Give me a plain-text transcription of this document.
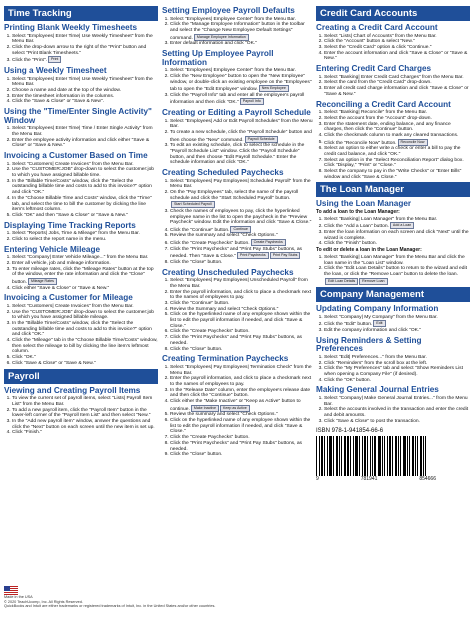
Time Tracking
Printing Blank Weekly Timesheets
1. Select "Employees| Enter Time| Use Weekly Timesheet" from the Menu Bar.
2. Click the drop-down arrow to the right of the "Print" button and select "Print Blank Timesheets."
3. Click the "Print". Print
Using a Weekly Timesheet
1. Select "Employees| Enter Time| Use Weekly Timesheet" from the Menu Bar.
2. Choose a name and date at the top of the window.
3. Enter the timesheet information in the columns.
4. Click the "Save & Close" or "Save & New".
Using the "Time/Enter Single Activity" Window
1. Select "Employees| Enter Time| Time / Enter Single Activity" from the Menu Bar.
2. Enter the employee activity information and click either "Save & Close" or "Save & New."
Invoicing a Customer Based on Time
1. Select "Customers| Create Invoices" from the Menu Bar.
2. Use the "CUSTOMER:JOB" drop-down to select the customer:job to which you have assigned billable time.
3. In the "Billable Time/Costs" window, click the "Select the outstanding billable time and costs to add to this invoice?" option and click "OK."
4. In the "Choose Billable Time and Costs" window, click the "Time" tab, and select the time to bill the customer by clicking the line item's leftmost column.
5. Click "OK" and then "Save & Close" or "Save & New."
Displaying Time Tracking Reports
1. Select "Reports| Jobs, Time & Mileage" from the Menu Bar.
2. Click to select the report name in the menu.
Entering Vehicle Mileage
1. Select "Company| Enter Vehicle Mileage..." from the Menu Bar.
2. Enter all vehicle, job and mileage information.
3. To enter mileage rates, click the "Mileage Rates" button at the top of the window, enter the rate information and click the "Close" button. Mileage Rates
4. Click either "Save & Close" or "Save & New."
Invoicing a Customer for Mileage
1. Select "Customers| Create Invoices" from the Menu Bar.
2. Use the "CUSTOMER:JOB" drop-down to select the customer:job to which you have assigned billable mileage.
3. In the "Billable Time/Costs" window, click the "Select the outstanding billable time and costs to add to this invoice?" option and click "OK."
4. Click the "Mileage" tab in the "Choose Billable Time/Costs" window, then select the mileage to bill by clicking the line item's leftmost column.
5. Click "OK."
6. Click "Save & Close" or "Save & New."
Payroll
Viewing and Creating Payroll Items
1. To view the current set of payroll items, select "Lists| Payroll Item List" from the Menu Bar.
2. To add a new payroll item, click the "Payroll Item" button in the lower-left corner of the "Payroll Item List" and then select "New."
3. In the "Add new payroll item" window, answer the questions and click the "Next" button on each screen until the new item is set up.
4. Click "Finish."
Setting Employee Payroll Defaults
1. Select "Employees| Employee Center" from the Menu Bar.
2. Click the "Manage Employee Information" button in the toolbar and select the "Change New Employee Default Settings" command. Manage Employee Information
3. Enter default information and click "OK."
Setting Up Employee Payroll Information
1. Select "Employees| Employee Center" from the Menu Bar.
2. Click the "New Employee" button to open the "New Employee" window, or double-click an existing employee on the "Employees" tab to open the "Edit Employee" window. New Employee
3. Click the "Payroll Info" tab and enter all the employee's payroll information and then click "OK." Payroll Info
Creating or Editing a Payroll Schedule
1. Select "Employees| Add or Edit Payroll Schedules" from the Menu Bar.
2. To create a new schedule, click the "Payroll Schedule" button and then choose the "New" command. Payroll Schedule
3. To edit an existing schedule, click to select the schedule in the "Payroll Schedule List" window. Click the "Payroll Schedule" button, and then choose "Edit Payroll Schedule." Enter the schedule information and click "OK."
Creating Scheduled Paychecks
1. Select "Employees| Pay Employees| Scheduled Payroll" from the Menu Bar.
2. On the "Pay Employees" tab, select the name of the payroll schedule and click the "Start Scheduled Payroll" button.Start Scheduled Payroll
3. Check the names of employees to pay, click the hyperlinked employee name in the list to open the paycheck in the "Preview Paycheck" window. Edit the information and click "Save & Close."
4. Click the "Continue" button. Continue
5. Review the summary and select "Check Options."
6. Click the "Create Paychecks" button. Create Paychecks
7. Click the "Print Paychecks" and "Print Pay Stubs" buttons, as needed. Then "Save & Close." Print Paychecks Print Pay Stubs
8. Click the "Close" button.
Creating Unscheduled Paychecks
1. Select "Employees| Pay Employees| Unscheduled Payroll" from the Menu Bar.
2. Enter the payroll information, and click to place a checkmark next to the names of employees to pay.
3. Click the "Continue" button.
4. Review the Summary and select "Check Options."
5. Click on the hyperlinked name of any employee shown within the list to edit the payroll information if needed, and click "Save & Close."
6. Click the "Create Paychecks" button.
7. Click the "Print Paychecks" and "Print Pay Stubs" buttons, as needed.
8. Click the "Close" button.
Creating Termination Paychecks
1. Select "Employees| Pay Employees| Termination Check" from the Menu Bar.
2. Enter the payroll information, and click to place a checkmark next to the names of employees to pay.
3. In the "Release Date" column, enter the employee's release date and then click the "Continue" button.
4. Click either the "Make Inactive" or "Keep as Active" button to continue. Make Inactive Keep as Active
5. Review the summary and select "Check Options."
6. Click on the hyperlinked name of any employee shown within the list to edit the payroll information if needed, and click "Save & Close."
7. Click the "Create Paychecks" button.
8. Click the "Print Paychecks" and "Print Pay Stubs" buttons, as needed.
9. Click the "Close" button.
Credit Card Accounts
Creating a Credit Card Account
1. Select "Lists| Chart of Accounts" from the Menu Bar.
2. Click the "Account" button & select "New."
3. Select the "Credit Card" option & click "Continue."
4. Enter the account information and click "Save & Close" or "Save & New."
Entering Credit Card Charges
1. Select "Banking| Enter Credit Card Charges" from the Menu Bar.
2. Select the card from the "Credit Card" drop-down.
3. Enter all credit card charge information and click "Save & Close" or "Save & New."
Reconciling a Credit Card Account
1. Select "Banking| Reconcile" from the Menu Bar.
2. Select the account from the "Account" drop-down.
3. Enter the statement date, ending balance, and any finance charges, then click the "Continue" button.
4. Click the checkmark column to mark any cleared transactions.
5. Click the "Reconcile Now" button. Reconcile Now
6. Select an option to either write a check or enter a bill to pay the credit card balance, and click "OK."
7. Select an option in the "Select Reconciliation Report" dialog box. Click "Display," "Print" or "Close."
8. Select the company to pay in the "Write Checks" or "Enter Bills" window and click "Save & Close."
The Loan Manager
Using the Loan Manager

To add a loan to the Loan Manager:

1. Select "Banking| Loan Manager" from the Menu Bar.
2. Click the "Add a Loan" button. Add a Loan
3. Enter the loan information on each screen and click "Next" until the wizard is complete.
4. Click the "Finish" button.

To edit or delete a loan in the Loan Manager:

1. Select "Banking| Loan Manager" from the Menu Bar and click the loan name in the "Loan List" window.
2. Click the "Edit Loan Details" button to return to the wizard and edit the loan, or click the "Remove Loan" button to delete the loan.Edit Loan Details Remove Loan
Company Management
Updating Company Information
1. Select "Company| My Company" from the Menu Bar.
2. Click the "Edit" button. Edit
3. Edit the company information and click "OK."
Using Reminders & Setting Preferences
1. Select "Edit| Preferences..." from the Menu Bar.
2. Click "Reminders" from the scroll box at the left.
3. Click the "My Preferences" tab and select "Show Reminders List when opening a Company File" (if desired).
4. Click the "OK" button.
Making General Journal Entries
1. Select "Company| Make General Journal Entries..." from the Menu Bar.
2. Select the accounts involved in the transaction and enter the credit and debit amounts.
3. Click "Save & Close" to post the transaction.
ISBN 978-1-941854-66-6
9	781941	854666
Made in the USA
© 2020 TeachUcomp, Inc. All Rights Reserved.
QuickBooks and Intuit are either trademarks or registered trademarks of Intuit, Inc. in the United States and/or other countries.
